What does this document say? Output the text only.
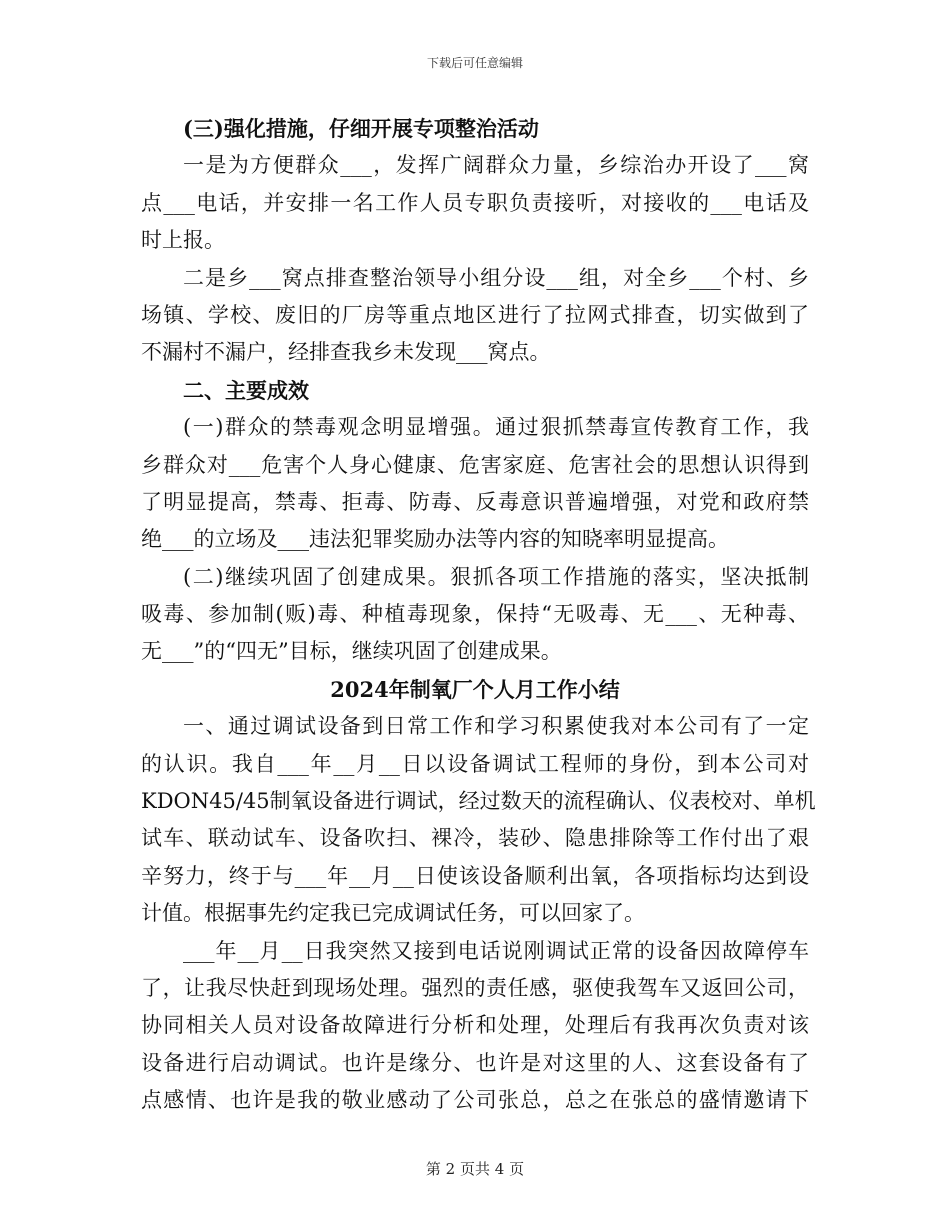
下载后可任意编辑
(三)强化措施，仔细开展专项整治活动
一是为方便群众___，发挥广阔群众力量，乡综治办开设了___窝
点___电话，并安排一名工作人员专职负责接听，对接收的___电话及
时上报。
二是乡___窝点排查整治领导小组分设___组，对全乡___个村、乡
场镇、学校、废旧的厂房等重点地区进行了拉网式排查，切实做到了
不漏村不漏户，经排查我乡未发现___窝点。
二、主要成效
(一)群众的禁毒观念明显增强。通过狠抓禁毒宣传教育工作，我
乡群众对___危害个人身心健康、危害家庭、危害社会的思想认识得到
了明显提高，禁毒、拒毒、防毒、反毒意识普遍增强，对党和政府禁
绝___的立场及___违法犯罪奖励办法等内容的知晓率明显提高。
(二)继续巩固了创建成果。狠抓各项工作措施的落实，坚决抵制
吸毒、参加制(贩)毒、种植毒现象，保持“无吸毒、无___、无种毒、
无___”的“四无”目标，继续巩固了创建成果。
2024年制氧厂个人月工作小结
一、通过调试设备到日常工作和学习积累使我对本公司有了一定
的认识。我自___年__月__日以设备调试工程师的身份，到本公司对
KDON45/45制氧设备进行调试，经过数天的流程确认、仪表校对、单机
试车、联动试车、设备吹扫、裸冷，装砂、隐患排除等工作付出了艰
辛努力，终于与___年__月__日使该设备顺利出氧，各项指标均达到设
计值。根据事先约定我已完成调试任务，可以回家了。
___年__月__日我突然又接到电话说刚调试正常的设备因故障停车
了，让我尽快赶到现场处理。强烈的责任感，驱使我驾车又返回公司，
协同相关人员对设备故障进行分析和处理，处理后有我再次负责对该
设备进行启动调试。也许是缘分、也许是对这里的人、这套设备有了
点感情、也许是我的敬业感动了公司张总，总之在张总的盛情邀请下
第 2 页共 4 页
